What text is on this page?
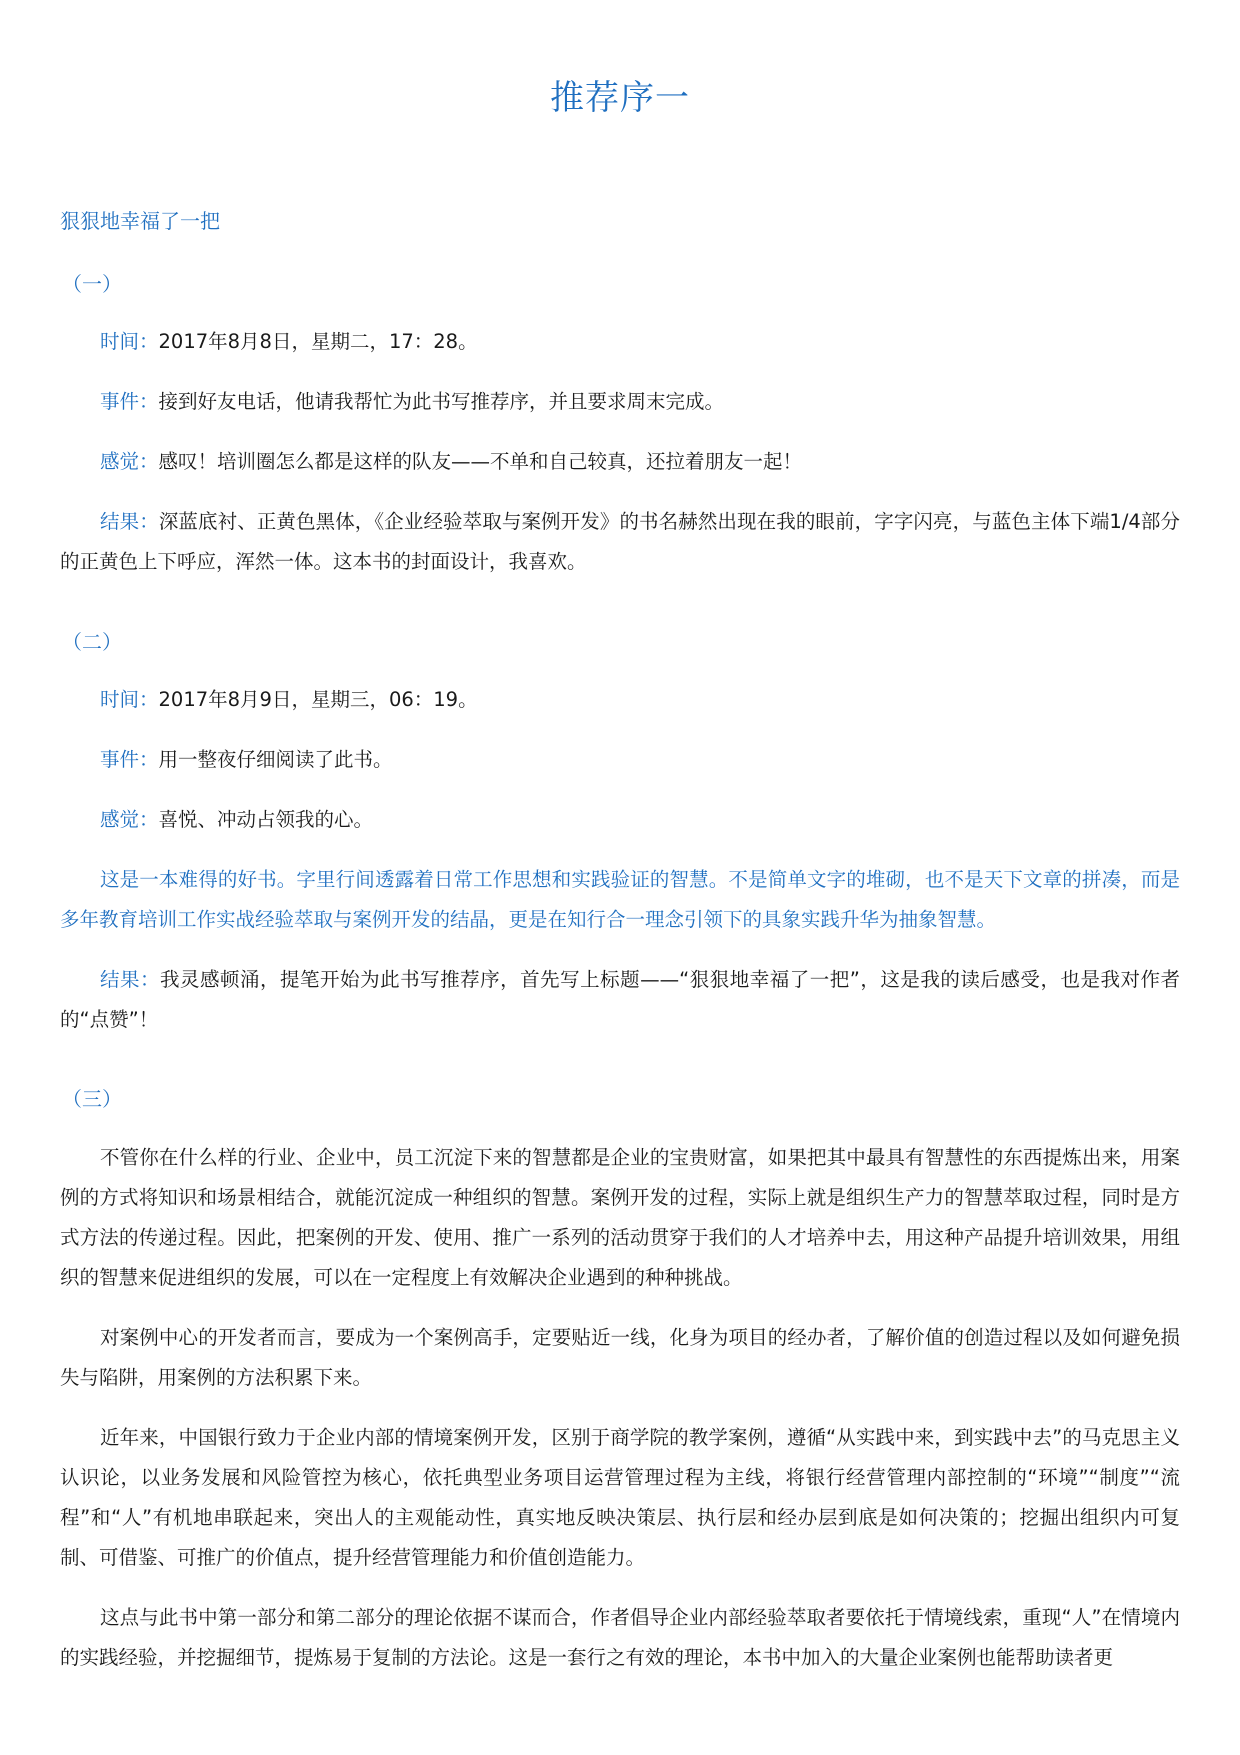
推荐序一
狠狠地幸福了一把
（一）
时间：2017年8月8日，星期二，17：28。
事件：接到好友电话，他请我帮忙为此书写推荐序，并且要求周末完成。
感觉：感叹！培训圈怎么都是这样的队友——不单和自己较真，还拉着朋友一起！
结果：深蓝底衬、正黄色黑体，《企业经验萃取与案例开发》的书名赫然出现在我的眼前，字字闪亮，与蓝色主体下端1/4部分的正黄色上下呼应，浑然一体。这本书的封面设计，我喜欢。
（二）
时间：2017年8月9日，星期三，06：19。
事件：用一整夜仔细阅读了此书。
感觉：喜悦、冲动占领我的心。
这是一本难得的好书。字里行间透露着日常工作思想和实践验证的智慧。不是简单文字的堆砌，也不是天下文章的拼凑，而是多年教育培训工作实战经验萃取与案例开发的结晶，更是在知行合一理念引领下的具象实践升华为抽象智慧。
结果：我灵感顿涌，提笔开始为此书写推荐序，首先写上标题——“狠狠地幸福了一把”，这是我的读后感受，也是我对作者的“点赞”！
（三）
不管你在什么样的行业、企业中，员工沉淀下来的智慧都是企业的宝贵财富，如果把其中最具有智慧性的东西提炼出来，用案例的方式将知识和场景相结合，就能沉淀成一种组织的智慧。案例开发的过程，实际上就是组织生产力的智慧萃取过程，同时是方式方法的传递过程。因此，把案例的开发、使用、推广一系列的活动贯穿于我们的人才培养中去，用这种产品提升培训效果，用组织的智慧来促进组织的发展，可以在一定程度上有效解决企业遇到的种种挑战。
对案例中心的开发者而言，要成为一个案例高手，定要贴近一线，化身为项目的经办者，了解价值的创造过程以及如何避免损失与陷阱，用案例的方法积累下来。
近年来，中国银行致力于企业内部的情境案例开发，区别于商学院的教学案例，遵循“从实践中来，到实践中去”的马克思主义认识论，以业务发展和风险管控为核心，依托典型业务项目运营管理过程为主线，将银行经营管理内部控制的“环境”“制度”“流程”和“人”有机地串联起来，突出人的主观能动性，真实地反映决策层、执行层和经办层到底是如何决策的；挖掘出组织内可复制、可借鉴、可推广的价值点，提升经营管理能力和价值创造能力。
这点与此书中第一部分和第二部分的理论依据不谋而合，作者倡导企业内部经验萃取者要依托于情境线索，重现“人”在情境内的实践经验，并挖掘细节，提炼易于复制的方法论。这是一套行之有效的理论，本书中加入的大量企业案例也能帮助读者更
